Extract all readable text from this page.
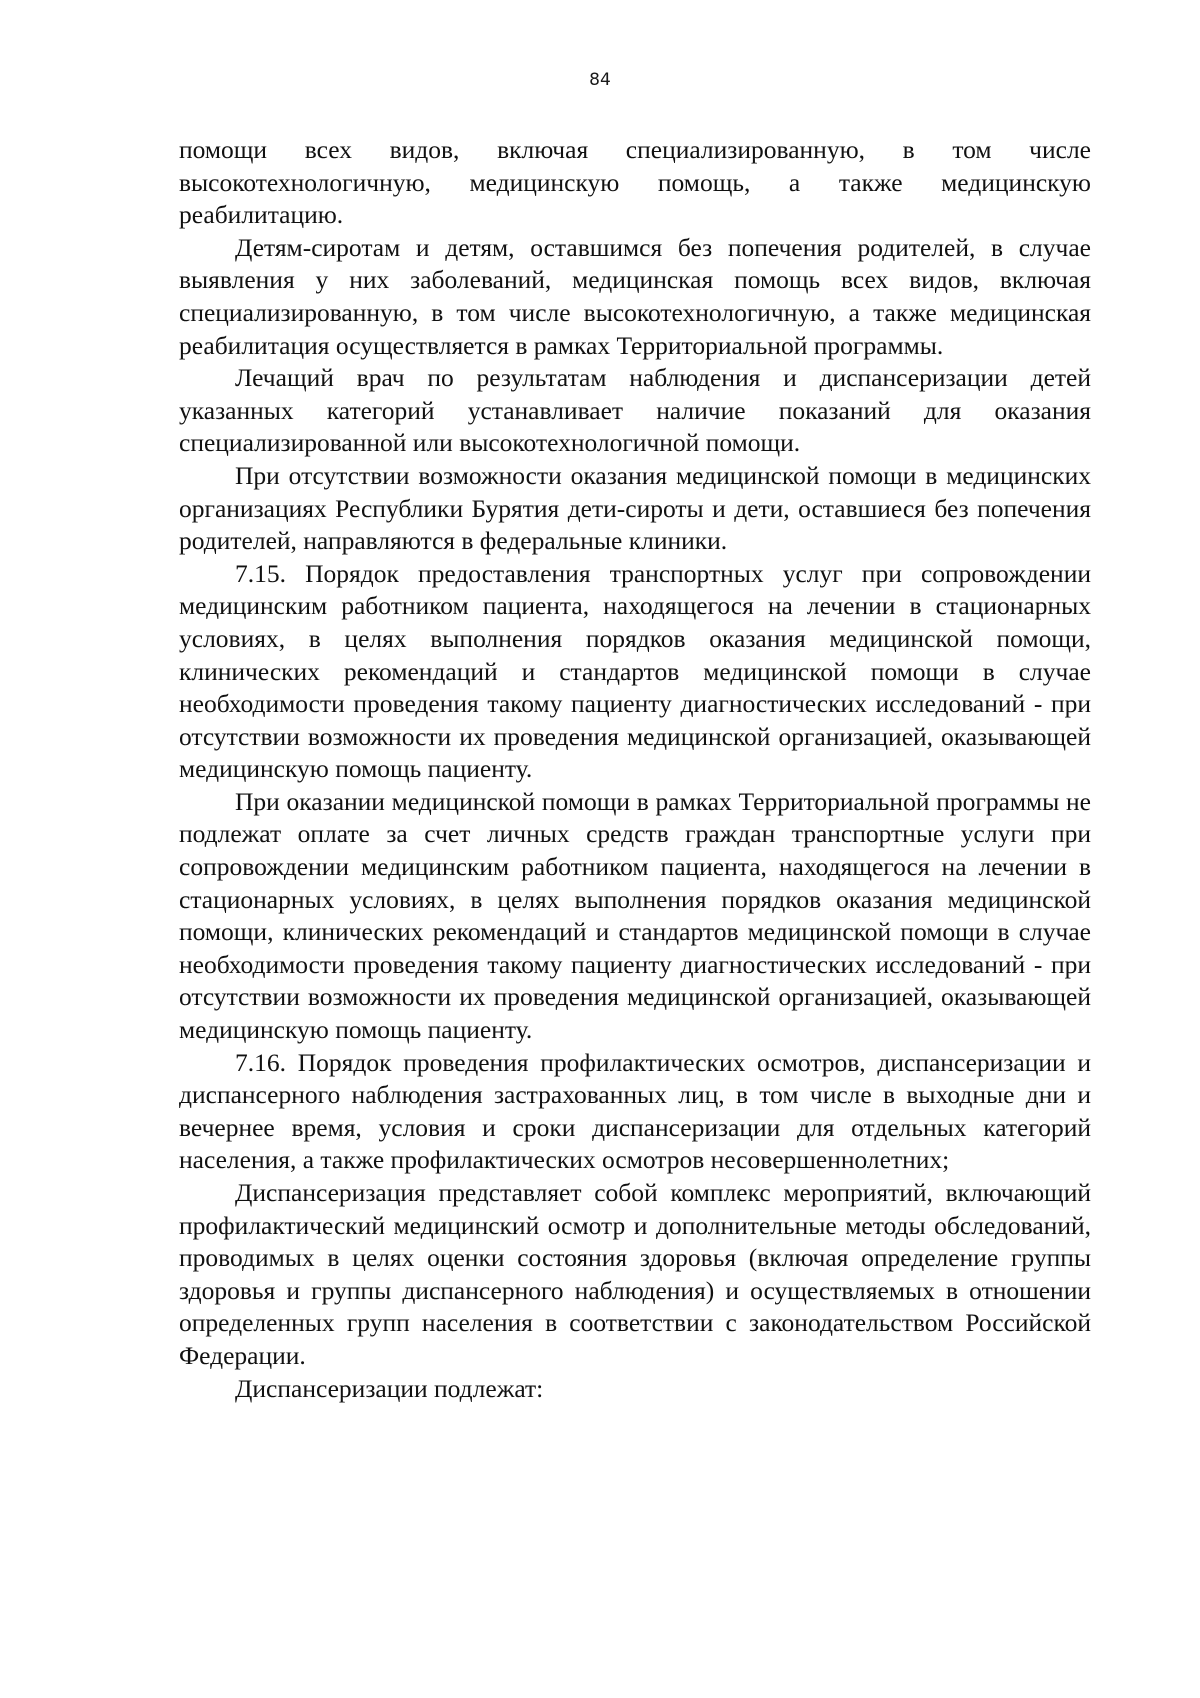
84

помощи всех видов, включая специализированную, в том числе высокотехнологичную, медицинскую помощь, а также медицинскую реабилитацию.

Детям-сиротам и детям, оставшимся без попечения родителей, в случае выявления у них заболеваний, медицинская помощь всех видов, включая специализированную, в том числе высокотехнологичную, а также медицинская реабилитация осуществляется в рамках Территориальной программы.

Лечащий врач по результатам наблюдения и диспансеризации детей указанных категорий устанавливает наличие показаний для оказания специализированной или высокотехнологичной помощи.

При отсутствии возможности оказания медицинской помощи в медицинских организациях Республики Бурятия дети-сироты и дети, оставшиеся без попечения родителей, направляются в федеральные клиники.

7.15. Порядок предоставления транспортных услуг при сопровождении медицинским работником пациента, находящегося на лечении в стационарных условиях, в целях выполнения порядков оказания медицинской помощи, клинических рекомендаций и стандартов медицинской помощи в случае необходимости проведения такому пациенту диагностических исследований - при отсутствии возможности их проведения медицинской организацией, оказывающей медицинскую помощь пациенту.

При оказании медицинской помощи в рамках Территориальной программы не подлежат оплате за счет личных средств граждан транспортные услуги при сопровождении медицинским работником пациента, находящегося на лечении в стационарных условиях, в целях выполнения порядков оказания медицинской помощи, клинических рекомендаций и стандартов медицинской помощи в случае необходимости проведения такому пациенту диагностических исследований - при отсутствии возможности их проведения медицинской организацией, оказывающей медицинскую помощь пациенту.

7.16. Порядок проведения профилактических осмотров, диспансеризации и диспансерного наблюдения застрахованных лиц, в том числе в выходные дни и вечернее время, условия и сроки диспансеризации для отдельных категорий населения, а также профилактических осмотров несовершеннолетних;

Диспансеризация представляет собой комплекс мероприятий, включающий профилактический медицинский осмотр и дополнительные методы обследований, проводимых в целях оценки состояния здоровья (включая определение группы здоровья и группы диспансерного наблюдения) и осуществляемых в отношении определенных групп населения в соответствии с законодательством Российской Федерации.

Диспансеризации подлежат:
